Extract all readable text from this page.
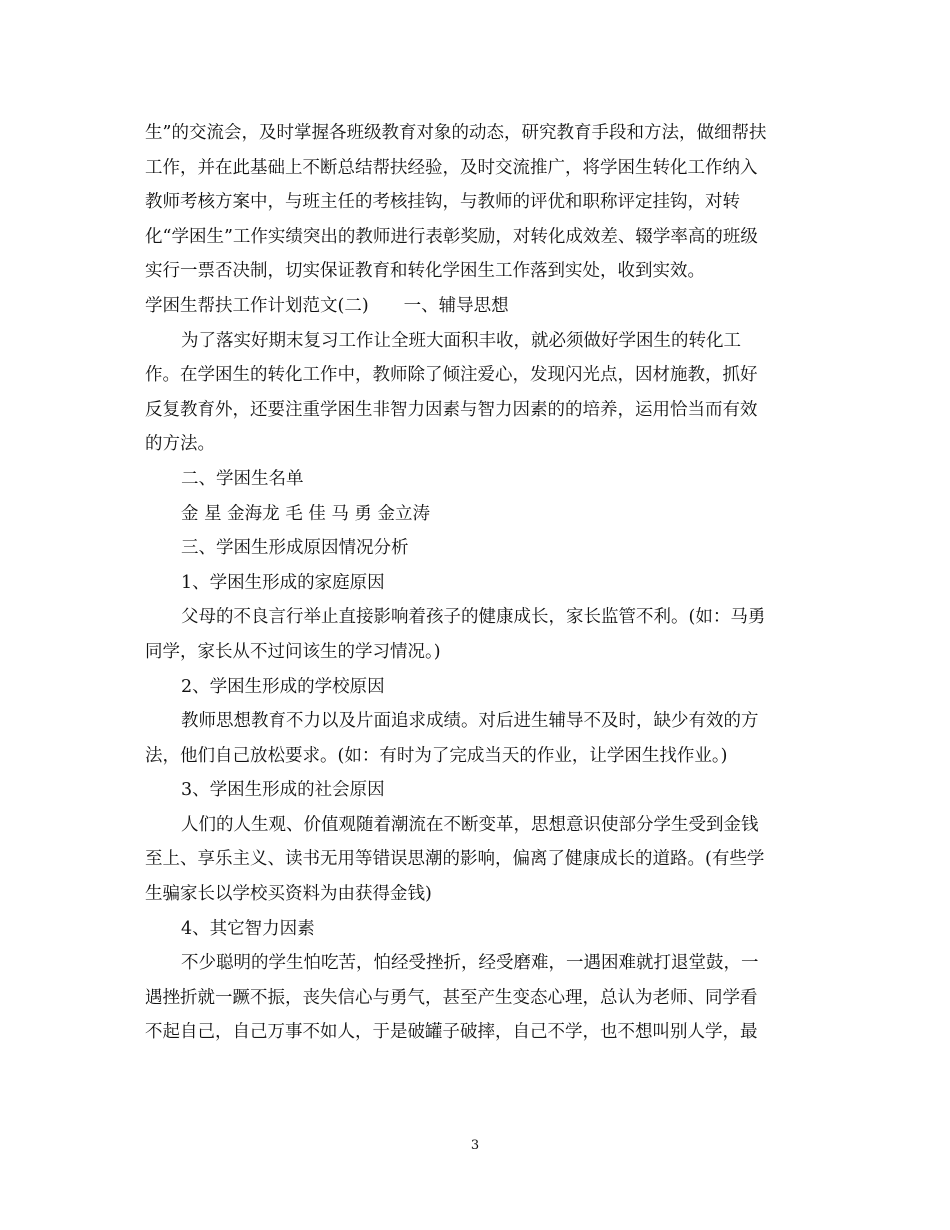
生”的交流会，及时掌握各班级教育对象的动态，研究教育手段和方法，做细帮扶
工作，并在此基础上不断总结帮扶经验，及时交流推广，将学困生转化工作纳入
教师考核方案中，与班主任的考核挂钩，与教师的评优和职称评定挂钩，对转
化“学困生”工作实绩突出的教师进行表彰奖励，对转化成效差、辍学率高的班级
实行一票否决制，切实保证教育和转化学困生工作落到实处，收到实效。
学困生帮扶工作计划范文(二)　　一、辅导思想
为了落实好期末复习工作让全班大面积丰收，就必须做好学困生的转化工
作。在学困生的转化工作中，教师除了倾注爱心，发现闪光点，因材施教，抓好
反复教育外，还要注重学困生非智力因素与智力因素的的培养，运用恰当而有效
的方法。
二、学困生名单
金 星 金海龙 毛 佳 马 勇 金立涛
三、学困生形成原因情况分析
1、学困生形成的家庭原因
父母的不良言行举止直接影响着孩子的健康成长，家长监管不利。(如：马勇
同学，家长从不过问该生的学习情况。)
2、学困生形成的学校原因
教师思想教育不力以及片面追求成绩。对后进生辅导不及时，缺少有效的方
法，他们自己放松要求。(如：有时为了完成当天的作业，让学困生找作业。)
3、学困生形成的社会原因
人们的人生观、价值观随着潮流在不断变革，思想意识使部分学生受到金钱
至上、享乐主义、读书无用等错误思潮的影响，偏离了健康成长的道路。(有些学
生骗家长以学校买资料为由获得金钱)
4、其它智力因素
不少聪明的学生怕吃苦，怕经受挫折，经受磨难，一遇困难就打退堂鼓，一
遇挫折就一蹶不振，丧失信心与勇气，甚至产生变态心理，总认为老师、同学看
不起自己，自己万事不如人，于是破罐子破摔，自己不学，也不想叫别人学，最
3
